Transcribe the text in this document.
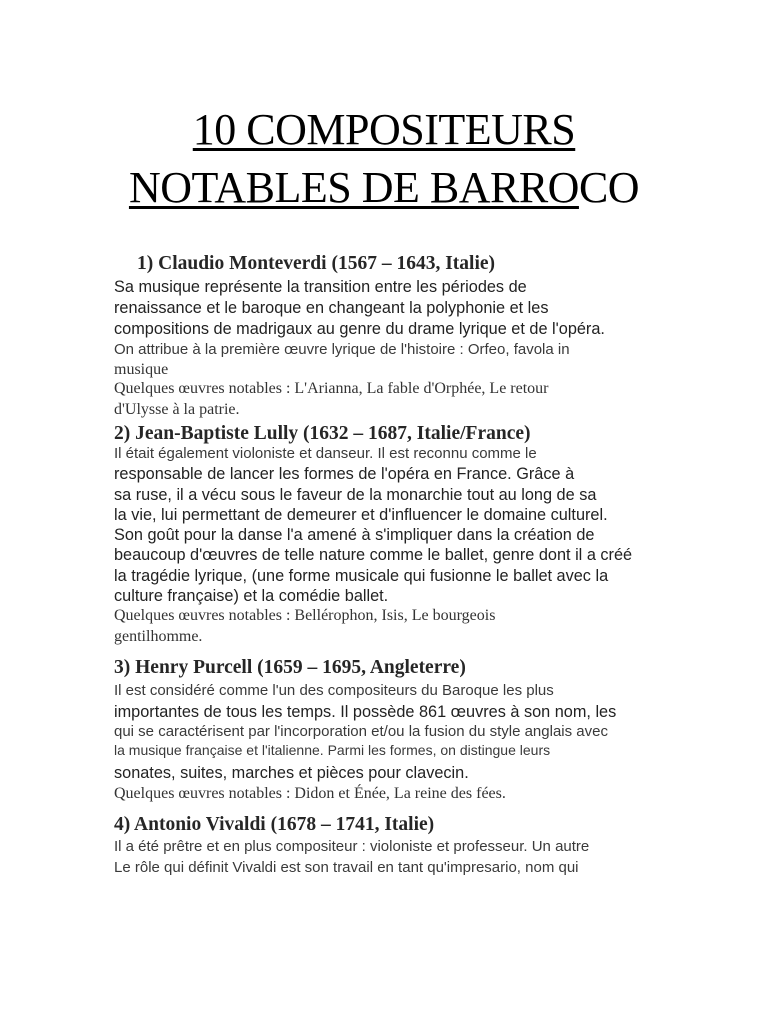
10 COMPOSITEURS
NOTABLES DE BARROCO
1) Claudio Monteverdi (1567 – 1643, Italie)
Sa musique représente la transition entre les périodes de
renaissance et le baroque en changeant la polyphonie et les
compositions de madrigaux au genre du drame lyrique et de l'opéra.
On attribue à la première œuvre lyrique de l'histoire : Orfeo, favola in
musique
Quelques œuvres notables : L'Arianna, La fable d'Orphée, Le retour
d'Ulysse à la patrie.
2) Jean-Baptiste Lully (1632 – 1687, Italie/France)
Il était également violoniste et danseur. Il est reconnu comme le
responsable de lancer les formes de l'opéra en France. Grâce à
sa ruse, il a vécu sous le faveur de la monarchie tout au long de sa
la vie, lui permettant de demeurer et d'influencer le domaine culturel.
Son goût pour la danse l'a amené à s'impliquer dans la création de
beaucoup d'œuvres de telle nature comme le ballet, genre dont il a créé
la tragédie lyrique, (une forme musicale qui fusionne le ballet avec la
culture française) et la comédie ballet.
Quelques œuvres notables : Bellérophon, Isis, Le bourgeois
gentilhomme.
3) Henry Purcell (1659 – 1695, Angleterre)
Il est considéré comme l'un des compositeurs du Baroque les plus
importantes de tous les temps. Il possède 861 œuvres à son nom, les
qui se caractérisent par l'incorporation et/ou la fusion du style anglais avec
la musique française et l'italienne. Parmi les formes, on distingue leurs
sonates, suites, marches et pièces pour clavecin.
Quelques œuvres notables : Didon et Énée, La reine des fées.
4) Antonio Vivaldi (1678 – 1741, Italie)
Il a été prêtre et en plus compositeur : violoniste et professeur. Un autre
Le rôle qui définit Vivaldi est son travail en tant qu'impresario, nom qui
